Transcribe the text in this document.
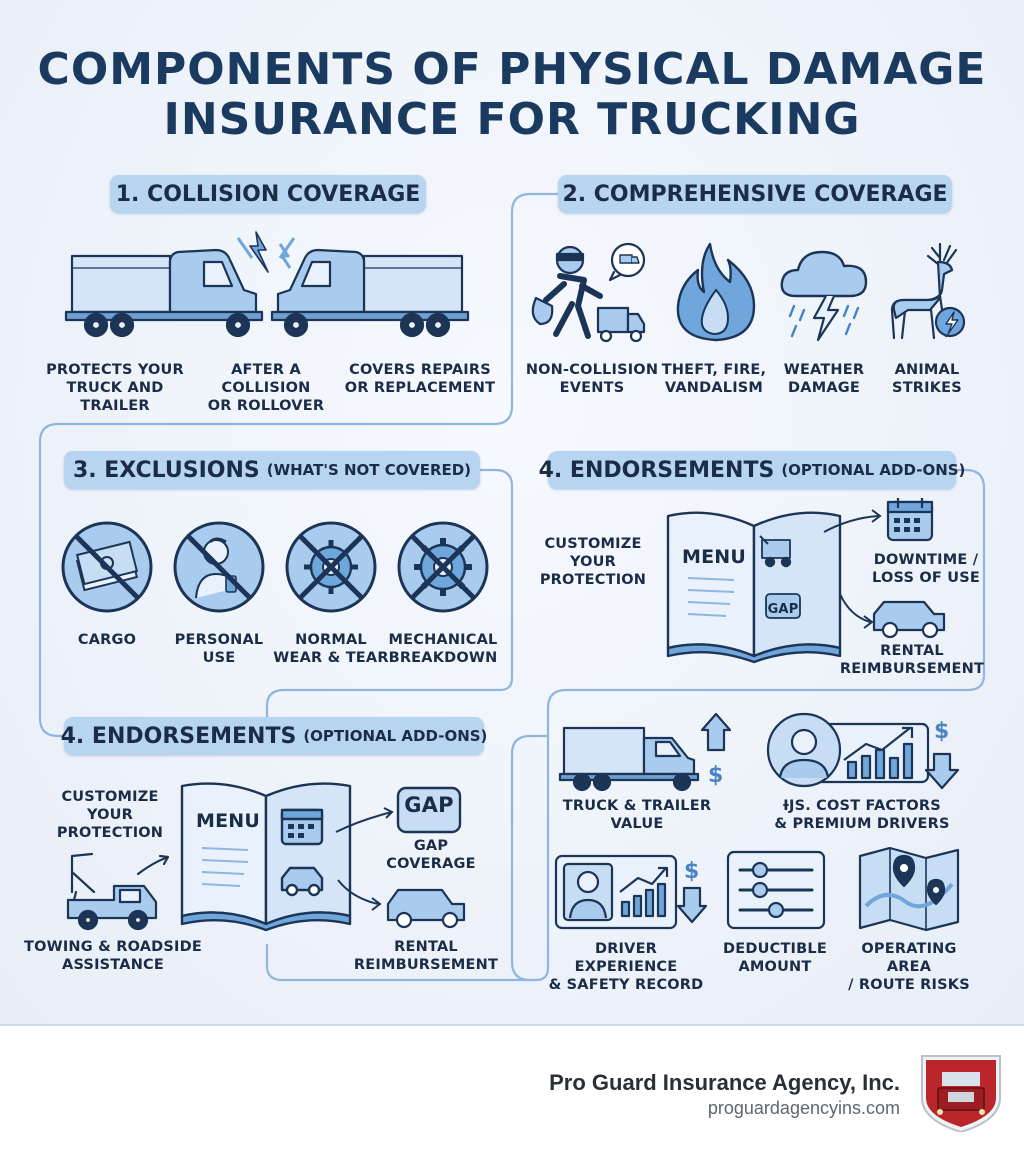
COMPONENTS OF PHYSICAL DAMAGE
INSURANCE FOR TRUCKING
1. COLLISION COVERAGE
PROTECTS YOUR
TRUCK AND TRAILER
AFTER A COLLISION
OR ROLLOVER
COVERS REPAIRS
OR REPLACEMENT
2. COMPREHENSIVE COVERAGE
NON-COLLISION
EVENTS
THEFT, FIRE,
VANDALISM
WEATHER
DAMAGE
ANIMAL
STRIKES
3. EXCLUSIONS (WHAT'S NOT COVERED)
CARGO	PERSONAL
USE
NORMAL
WEAR & TEAR
MECHANICAL
BREAKDOWN
4. ENDORSEMENTS (OPTIONAL ADD-ONS)
CUSTOMIZE
YOUR
PROTECTION
MENU
GAP
DOWNTIME /
LOSS OF USE
RENTAL
REIMBURSEMENT
4. ENDORSEMENTS (OPTIONAL ADD-ONS)
CUSTOMIZE
YOUR
PROTECTION
MENU
GAP
GAP
COVERAGE
RENTAL
REIMBURSEMENT
TOWING & ROADSIDE
ASSISTANCE
$
TRUCK & TRAILER
VALUE
$
ƗJS. COST FACTORS
& PREMIUM DRIVERS
$
DRIVER EXPERIENCE
& SAFETY RECORD
DEDUCTIBLE
AMOUNT
OPERATING AREA
/ ROUTE RISKS
Pro Guard Insurance Agency, Inc.
proguardagencyins.com
